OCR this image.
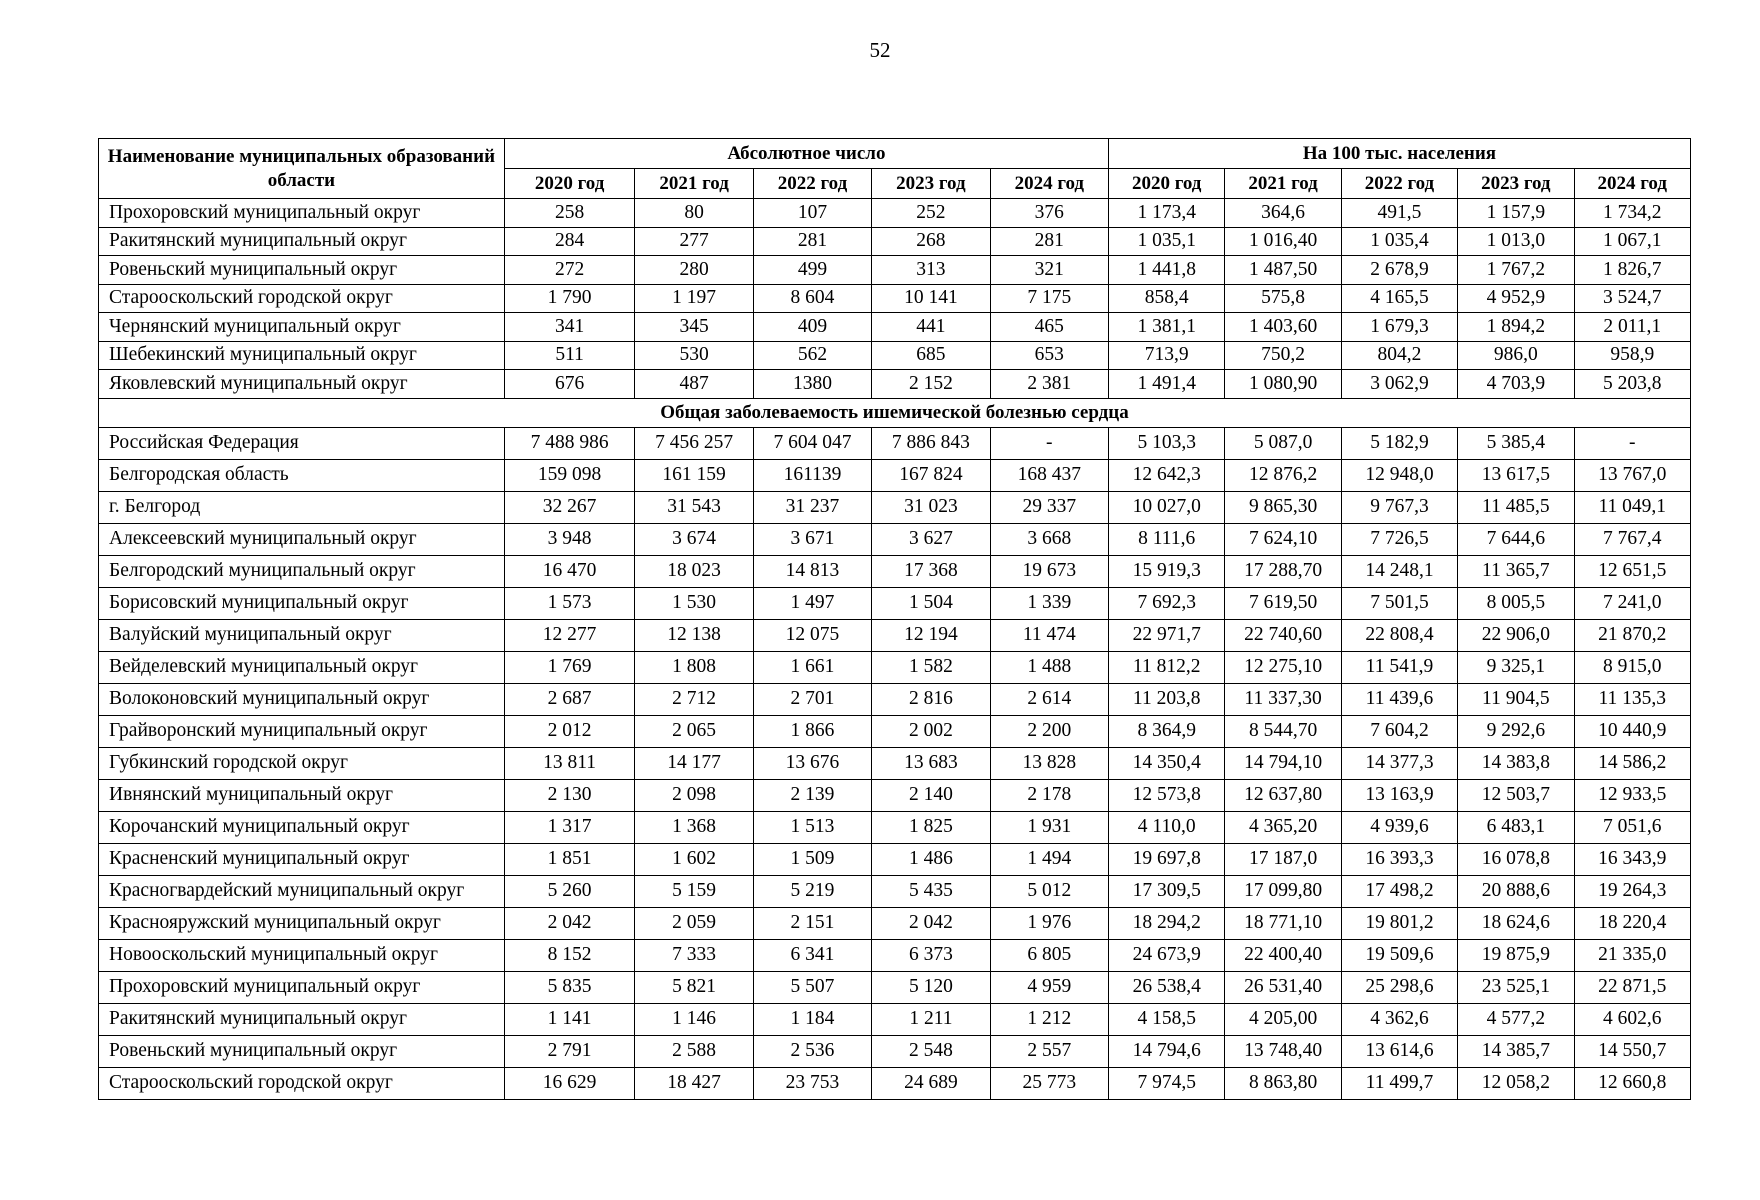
52
Наименование муниципальных образований области	Абсолютное число					На 100 тыс. населения				
	2020 год	2021 год	2022 год	2023 год	2024 год	2020 год	2021 год	2022 год	2023 год	2024 год
Прохоровский муниципальный округ	258	80	107	252	376	1 173,4	364,6	491,5	1 157,9	1 734,2
Ракитянский муниципальный округ	284	277	281	268	281	1 035,1	1 016,40	1 035,4	1 013,0	1 067,1
Ровеньский муниципальный округ	272	280	499	313	321	1 441,8	1 487,50	2 678,9	1 767,2	1 826,7
Старооскольский городской округ	1 790	1 197	8 604	10 141	7 175	858,4	575,8	4 165,5	4 952,9	3 524,7
Чернянский муниципальный округ	341	345	409	441	465	1 381,1	1 403,60	1 679,3	1 894,2	2 011,1
Шебекинский муниципальный округ	511	530	562	685	653	713,9	750,2	804,2	986,0	958,9
Яковлевский муниципальный округ	676	487	1380	2 152	2 381	1 491,4	1 080,90	3 062,9	4 703,9	5 203,8
Общая заболеваемость ишемической болезнью сердца										
Российская Федерация	7 488 986	7 456 257	7 604 047	7 886 843	-	5 103,3	5 087,0	5 182,9	5 385,4	-
Белгородская область	159 098	161 159	161139	167 824	168 437	12 642,3	12 876,2	12 948,0	13 617,5	13 767,0
г. Белгород	32 267	31 543	31 237	31 023	29 337	10 027,0	9 865,30	9 767,3	11 485,5	11 049,1
Алексеевский муниципальный округ	3 948	3 674	3 671	3 627	3 668	8 111,6	7 624,10	7 726,5	7 644,6	7 767,4
Белгородский муниципальный округ	16 470	18 023	14 813	17 368	19 673	15 919,3	17 288,70	14 248,1	11 365,7	12 651,5
Борисовский муниципальный округ	1 573	1 530	1 497	1 504	1 339	7 692,3	7 619,50	7 501,5	8 005,5	7 241,0
Валуйский муниципальный округ	12 277	12 138	12 075	12 194	11 474	22 971,7	22 740,60	22 808,4	22 906,0	21 870,2
Вейделевский муниципальный округ	1 769	1 808	1 661	1 582	1 488	11 812,2	12 275,10	11 541,9	9 325,1	8 915,0
Волоконовский муниципальный округ	2 687	2 712	2 701	2 816	2 614	11 203,8	11 337,30	11 439,6	11 904,5	11 135,3
Грайворонский муниципальный округ	2 012	2 065	1 866	2 002	2 200	8 364,9	8 544,70	7 604,2	9 292,6	10 440,9
Губкинский городской округ	13 811	14 177	13 676	13 683	13 828	14 350,4	14 794,10	14 377,3	14 383,8	14 586,2
Ивнянский муниципальный округ	2 130	2 098	2 139	2 140	2 178	12 573,8	12 637,80	13 163,9	12 503,7	12 933,5
Корочанский муниципальный округ	1 317	1 368	1 513	1 825	1 931	4 110,0	4 365,20	4 939,6	6 483,1	7 051,6
Красненский муниципальный округ	1 851	1 602	1 509	1 486	1 494	19 697,8	17 187,0	16 393,3	16 078,8	16 343,9
Красногвардейский муниципальный округ	5 260	5 159	5 219	5 435	5 012	17 309,5	17 099,80	17 498,2	20 888,6	19 264,3
Краснояружский муниципальный округ	2 042	2 059	2 151	2 042	1 976	18 294,2	18 771,10	19 801,2	18 624,6	18 220,4
Новооскольский муниципальный округ	8 152	7 333	6 341	6 373	6 805	24 673,9	22 400,40	19 509,6	19 875,9	21 335,0
Прохоровский муниципальный округ	5 835	5 821	5 507	5 120	4 959	26 538,4	26 531,40	25 298,6	23 525,1	22 871,5
Ракитянский муниципальный округ	1 141	1 146	1 184	1 211	1 212	4 158,5	4 205,00	4 362,6	4 577,2	4 602,6
Ровеньский муниципальный округ	2 791	2 588	2 536	2 548	2 557	14 794,6	13 748,40	13 614,6	14 385,7	14 550,7
Старооскольский городской округ	16 629	18 427	23 753	24 689	25 773	7 974,5	8 863,80	11 499,7	12 058,2	12 660,8
